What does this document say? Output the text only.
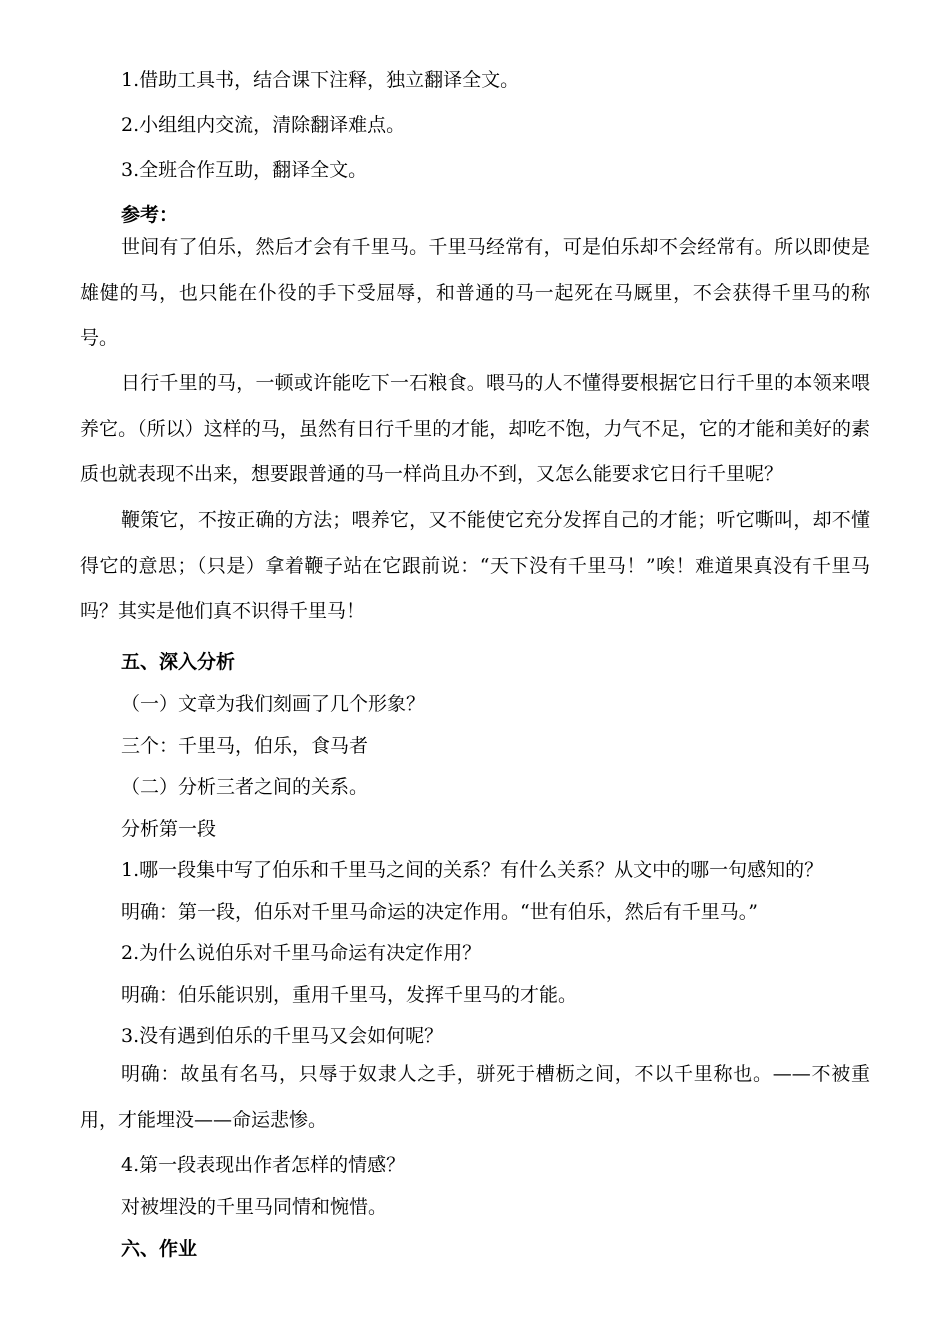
1.借助工具书，结合课下注释，独立翻译全文。
2.小组组内交流，清除翻译难点。
3.全班合作互助，翻译全文。
参考：
世间有了伯乐，然后才会有千里马。千里马经常有，可是伯乐却不会经常有。所以即使是雄健的马，也只能在仆役的手下受屈辱，和普通的马一起死在马厩里，不会获得千里马的称号。
日行千里的马，一顿或许能吃下一石粮食。喂马的人不懂得要根据它日行千里的本领来喂养它。（所以）这样的马，虽然有日行千里的才能，却吃不饱，力气不足，它的才能和美好的素质也就表现不出来，想要跟普通的马一样尚且办不到，又怎么能要求它日行千里呢？
鞭策它，不按正确的方法；喂养它，又不能使它充分发挥自己的才能；听它嘶叫，却不懂得它的意思；（只是）拿着鞭子站在它跟前说：“天下没有千里马！”唉！难道果真没有千里马吗？其实是他们真不识得千里马！
五、深入分析
（一）文章为我们刻画了几个形象？
三个：千里马，伯乐，食马者
（二）分析三者之间的关系。
分析第一段
1.哪一段集中写了伯乐和千里马之间的关系？有什么关系？从文中的哪一句感知的？
明确：第一段，伯乐对千里马命运的决定作用。“世有伯乐，然后有千里马。”
2.为什么说伯乐对千里马命运有决定作用？
明确：伯乐能识别，重用千里马，发挥千里马的才能。
3.没有遇到伯乐的千里马又会如何呢？
明确：故虽有名马，只辱于奴隶人之手，骈死于槽枥之间，不以千里称也。——不被重用，才能埋没——命运悲惨。
4.第一段表现出作者怎样的情感？
对被埋没的千里马同情和惋惜。
六、作业
